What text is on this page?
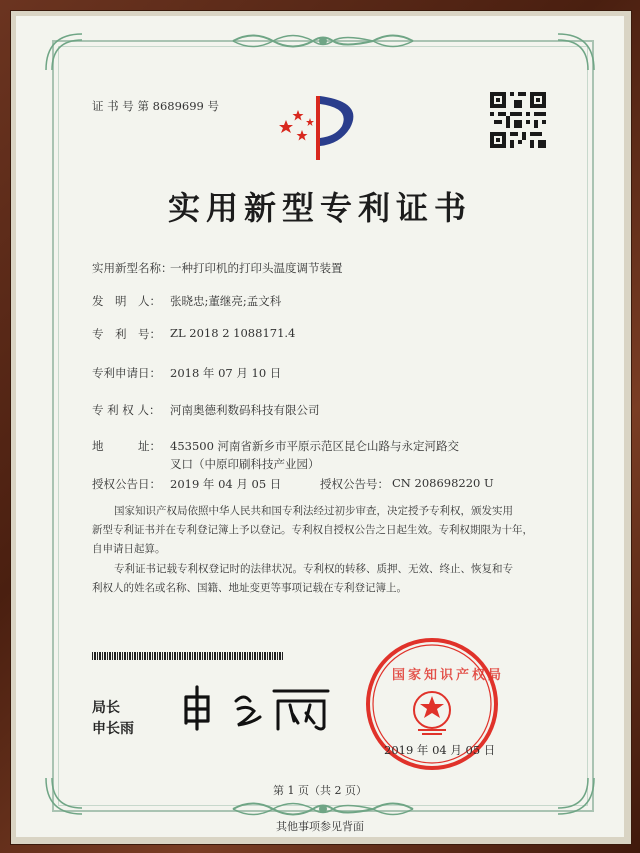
证 书 号 第 8689699 号
实用新型专利证书
实用新型名称：
一种打印机的打印头温度调节装置
发　明　人： 张晓忠;董继亮;孟文科
专　利　号： ZL 2018 2 1088171.4
专利申请日： 2018 年 07 月 10 日
专 利 权 人： 河南奥德利数码科技有限公司
地　　　址： 453500 河南省新乡市平原示范区昆仑山路与永定河路交
叉口（中原印刷科技产业园）
授权公告日： 2019 年 04 月 05 日	授权公告号： CN 208698220 U
国家知识产权局依照中华人民共和国专利法经过初步审查，决定授予专利权，颁发实用
新型专利证书并在专利登记簿上予以登记。专利权自授权公告之日起生效。专利权期限为十年，
自申请日起算。
专利证书记载专利权登记时的法律状况。专利权的转移、质押、无效、终止、恢复和专
利权人的姓名或名称、国籍、地址变更等事项记载在专利登记簿上。
局长
申长雨
国家知识产权局
2019 年 04 月 05 日
第 1 页（共 2 页）
其他事项参见背面
